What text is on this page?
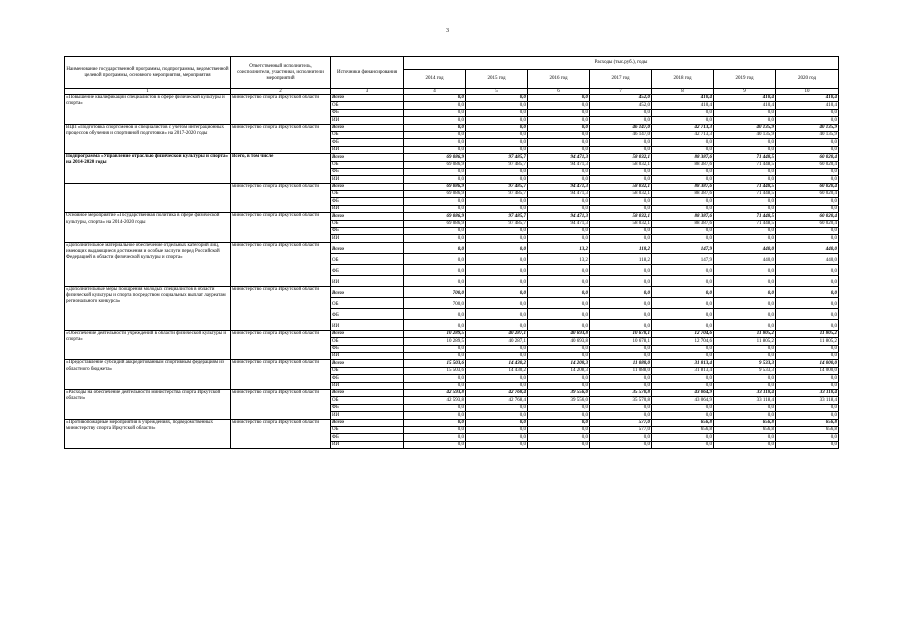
3
Наименование государственной программы, подпрограммы, ведомственной целевой программы, основного мероприятия, мероприятия	Ответственный исполнитель, соисполнители, участники, исполнители мероприятий	Источники финансирования	Расходы (тыс.руб.), годы						
			2014 год	2015 год	2016 год	2017 год	2018 год	2019 год	2020 год
1	2	3	4	5	6	7	8	9	10
«Повышение квалификации специалистов в сфере физической культуры и спорта»	министерство спорта Иркутской области	Всего	0,0	0,0	0,0	452,0	410,4	410,4	410,4
		ОБ	0,0	0,0	0,0	452,0	410,4	410,4	410,4
		ФБ	0,0	0,0	0,0	0,0	0,0	0,0	0,0
		ИИ	0,0	0,0	0,0	0,0	0,0	0,0	0,0
ВЦП «Подготовка спортсменов и специалистов с учетом интеграционных процессов обучения и спортивной подготовки» на 2017-2020 годы	министерство спорта Иркутской области	Всего	0,0	0,0	0,0	46 147,0	42 713,3	40 135,9	40 135,9
		ОБ	0,0	0,0	0,0	46 147,0	42 713,3	40 135,9	40 135,9
		ФБ	0,0	0,0	0,0	0,0	0,0	0,0	0,0
		ИИ	0,0	0,0	0,0	0,0	0,0	0,0	0,0
Подпрограмма «Управление отраслью физической культуры и спорта» на 2014-2020 годы	Всего, в том числе	Всего	69 086,9	97 485,7	94 471,3	58 032,1	88 387,6	71 448,5	60 020,4
		ОБ	69 086,9	97 485,7	94 471,3	58 032,1	88 387,6	71 448,5	60 020,4
		ФБ	0,0	0,0	0,0	0,0	0,0	0,0	0,0
		ИИ	0,0	0,0	0,0	0,0	0,0	0,0	0,0
	министерство спорта Иркутской области	Всего	69 086,9	97 485,7	94 471,3	58 032,1	88 387,6	71 448,5	60 020,4
		ОБ	69 086,9	97 485,7	94 471,3	58 032,1	88 387,6	71 448,5	60 020,4
		ФБ	0,0	0,0	0,0	0,0	0,0	0,0	0,0
		ИИ	0,0	0,0	0,0	0,0	0,0	0,0	0,0
Основное мероприятие «Государственная политика в сфере физической культуры, спорта» на 2014-2020 годы	министерство спорта Иркутской области	Всего	69 086,9	97 485,7	94 471,3	58 032,1	88 387,6	71 448,5	60 020,4
		ОБ	69 086,9	97 485,7	94 471,3	58 032,1	88 387,6	71 448,5	60 020,4
		ФБ	0,0	0,0	0,0	0,0	0,0	0,0	0,0
		ИИ	0,0	0,0	0,0	0,0	0,0	0,0	0,0
«Дополнительное материальное обеспечение отдельных категорий лиц, имеющих выдающиеся достижения и особые заслуги перед Российской Федерацией в области физической культуры и спорта»	министерство спорта Иркутской области	Всего	0,0	0,0	13,2	118,2	147,9	440,0	440,0
		ОБ	0,0	0,0	13,2	118,2	147,9	440,0	440,0
		ФБ	0,0	0,0	0,0	0,0	0,0	0,0	0,0
		ИИ	0,0	0,0	0,0	0,0	0,0	0,0	0,0
«Дополнительные меры поощрения молодых специалистов в области физической культуры и спорта посредством социальных выплат лауреатам регионального конкурса»	министерство спорта Иркутской области	Всего	700,0	0,0	0,0	0,0	0,0	0,0	0,0
		ОБ	700,0	0,0	0,0	0,0	0,0	0,0	0,0
		ФБ	0,0	0,0	0,0	0,0	0,0	0,0	0,0
		ИИ	0,0	0,0	0,0	0,0	0,0	0,0	0,0
«Обеспечение деятельности учреждений в области физической культуры и спорта»	министерство спорта Иркутской области	Всего	10 289,5	40 287,1	40 693,8	10 678,1	12 704,6	11 805,2	11 805,2
		ОБ	10 289,5	40 287,1	40 693,8	10 678,1	12 704,6	11 805,2	11 805,2
		ФБ	0,0	0,0	0,0	0,0	0,0	0,0	0,0
		ИИ	0,0	0,0	0,0	0,0	0,0	0,0	0,0
«Предоставление субсидий аккредитованным спортивным федерациям из областного бюджета»	министерство спорта Иркутской области	Всего	15 503,6	14 430,2	14 208,3	11 088,0	31 813,4	9 533,3	14 000,0
		ОБ	15 503,6	14 430,2	14 208,3	11 088,0	31 813,4	9 533,3	14 000,0
		ФБ	0,0	0,0	0,0	0,0	0,0	0,0	0,0
		ИИ	0,0	0,0	0,0	0,0	0,0	0,0	0,0
«Расходы на обеспечение деятельности министерства спорта Иркутской области»	министерство спорта Иркутской области	Всего	42 593,8	42 768,4	39 556,0	35 570,8	43 064,9	33 118,4	33 118,4
		ОБ	42 593,8	42 768,4	39 556,0	35 570,8	43 064,9	33 118,4	33 118,4
		ФБ	0,0	0,0	0,0	0,0	0,0	0,0	0,0
		ИИ	0,0	0,0	0,0	0,0	0,0	0,0	0,0
«Противопожарные мероприятия в учреждениях, подведомственных министерству спорта Иркутской области»	министерство спорта Иркутской области	Всего	0,0	0,0	0,0	577,0	656,8	656,8	656,8
		ОБ	0,0	0,0	0,0	577,0	656,8	656,8	656,8
		ФБ	0,0	0,0	0,0	0,0	0,0	0,0	0,0
		ИИ	0,0	0,0	0,0	0,0	0,0	0,0	0,0
